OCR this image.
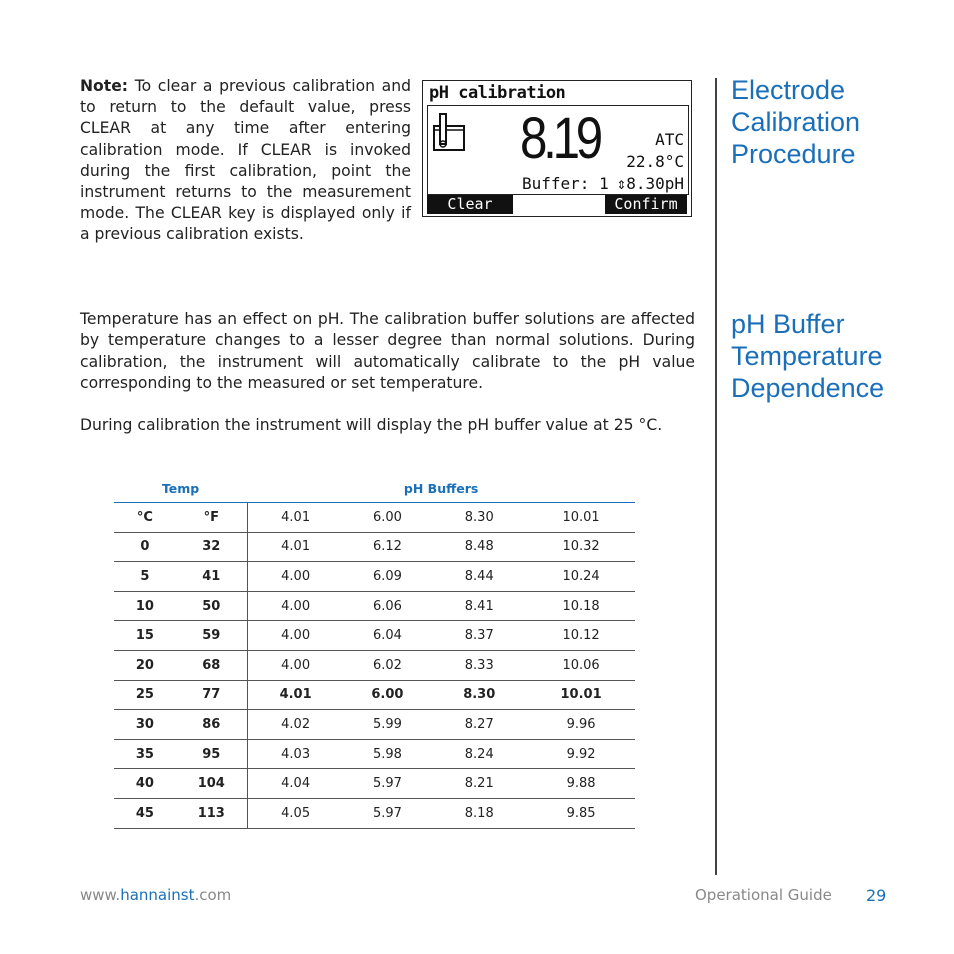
Note: To clear a previous calibration and to return to the default value, press CLEAR at any time after entering calibration mode. If CLEAR is invoked during the first calibration, point the instrument returns to the measurement mode. The CLEAR key is displayed only if a previous calibration exists.
pH calibration
8.19	ATC
22.8°C
Buffer: 1 ⇕8.30pH
Clear	Confirm
Electrode
Calibration
Procedure
pH Buffer
Temperature
Dependence
Temperature has an effect on pH. The calibration buffer solutions are affected by temperature changes to a lesser degree than normal solutions. During calibration, the instrument will automatically calibrate to the pH value corresponding to the measured or set temperature.
During calibration the instrument will display the pH buffer value at 25 °C.
Temp		pH Buffers			
°C	°F	4.01	6.00	8.30	10.01
0	32	4.01	6.12	8.48	10.32
5	41	4.00	6.09	8.44	10.24
10	50	4.00	6.06	8.41	10.18
15	59	4.00	6.04	8.37	10.12
20	68	4.00	6.02	8.33	10.06
25	77	4.01	6.00	8.30	10.01
30	86	4.02	5.99	8.27	9.96
35	95	4.03	5.98	8.24	9.92
40	104	4.04	5.97	8.21	9.88
45	113	4.05	5.97	8.18	9.85
www.hannainst.com	Operational Guide 29
